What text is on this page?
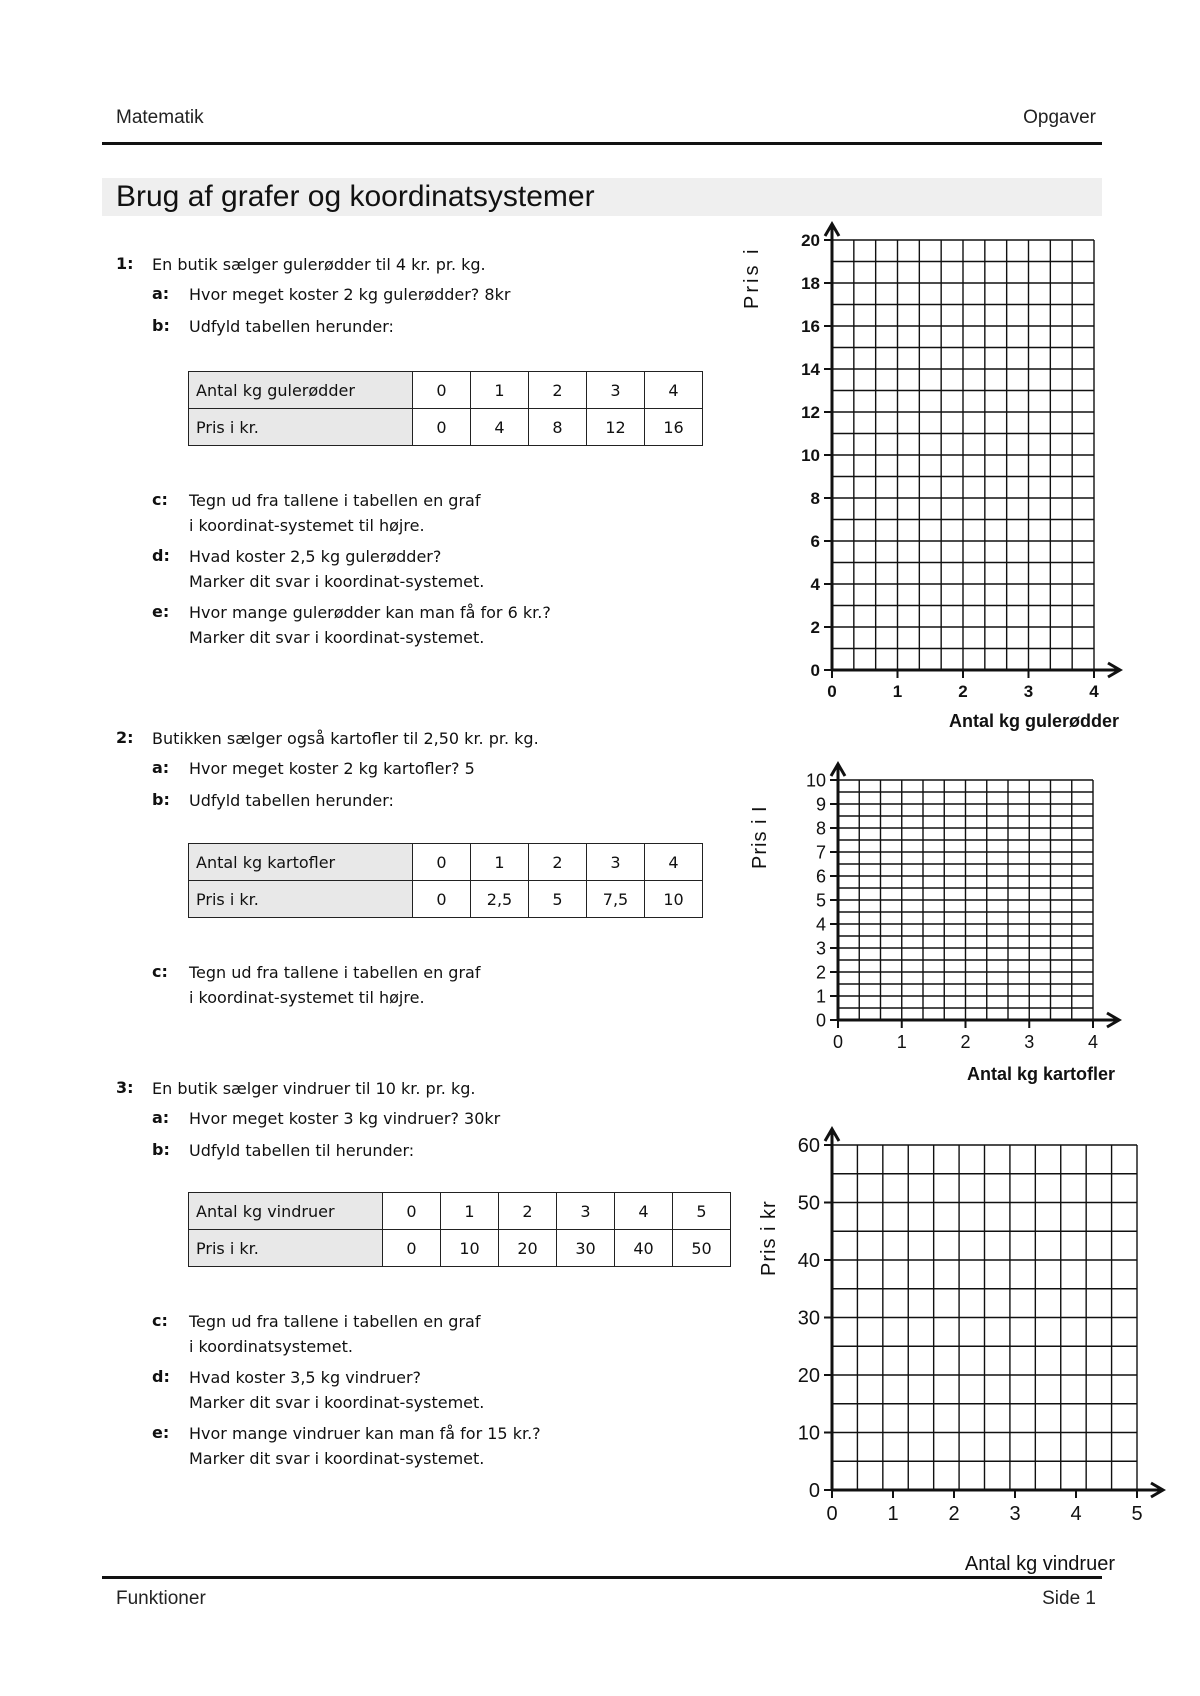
Matematik	Opgaver
Brug af grafer og koordinatsystemer
1: En butik sælger gulerødder til 4 kr. pr. kg.
a: Hvor meget koster 2 kg gulerødder? 8kr
b: Udfyld tabellen herunder:
Antal kg gulerødder	0	1	2	3	4
Pris i kr.	0	4	8	12	16
c: Tegn ud fra tallene i tabellen en graf
i koordinat-systemet til højre.
d: Hvad koster 2,5 kg gulerødder?
Marker dit svar i koordinat-systemet.
e: Hvor mange gulerødder kan man få for 6 kr.?
Marker dit svar i koordinat-systemet.
2: Butikken sælger også kartofler til 2,50 kr. pr. kg.
a: Hvor meget koster 2 kg kartofler? 5
b: Udfyld tabellen herunder:
Antal kg kartofler	0	1	2	3	4
Pris i kr.	0	2,5	5	7,5	10
c: Tegn ud fra tallene i tabellen en graf
i koordinat-systemet til højre.
3: En butik sælger vindruer til 10 kr. pr. kg.
a: Hvor meget koster 3 kg vindruer? 30kr
b: Udfyld tabellen til herunder:
Antal kg vindruer	0	1	2	3	4	5
Pris i kr.	0	10	20	30	40	50
c: Tegn ud fra tallene i tabellen en graf
i koordinatsystemet.
d: Hvad koster 3,5 kg vindruer?
Marker dit svar i koordinat-systemet.
e: Hvor mange vindruer kan man få for 15 kr.?
Marker dit svar i koordinat-systemet.
0
2
4
6
8
10
12
14
16
18
20
0	1	2	3	4
Antal kg gulerødder
Pris i
0
1
2
3
4
5
6
7
8
9
10
0	1	2	3	4
Antal kg kartofler
Pris i I
0
10
20
30
40
50
60
0 1 2 3 4 5
Antal kg vindruer
Pris i kr
Funktioner	Side 1
